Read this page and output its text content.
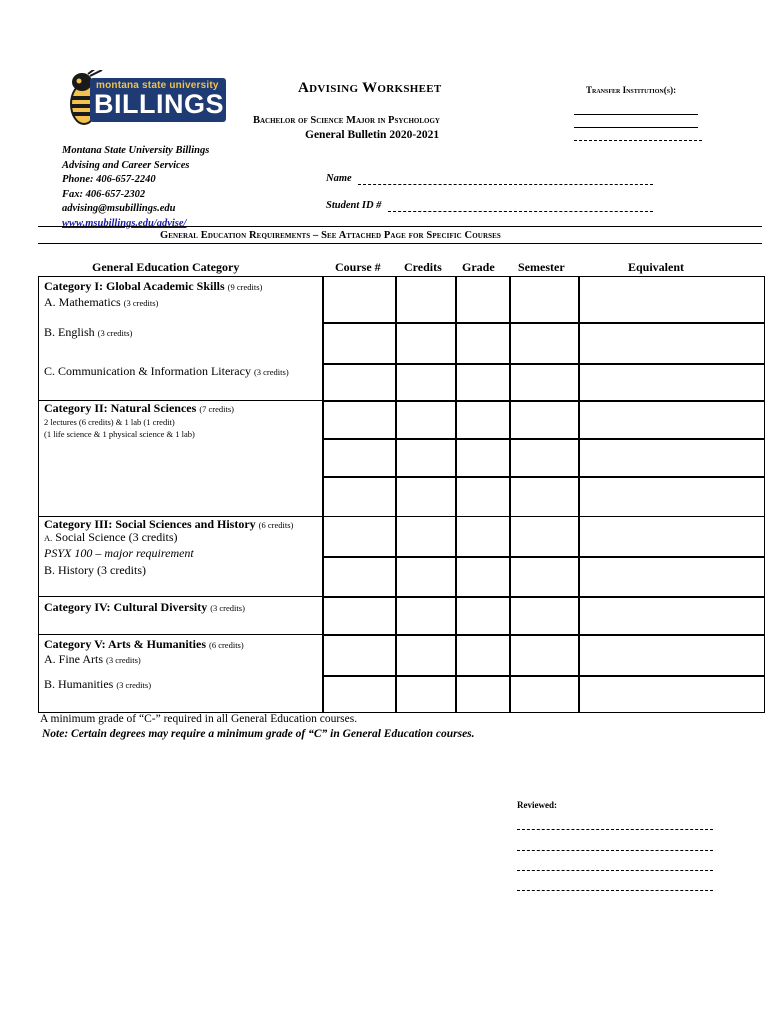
montana state university
BILLINGS
Advising Worksheet	Transfer Institution(s):
Bachelor of Science Major in Psychology
General Bulletin 2020-2021
Montana State University Billings
Advising and Career Services
Phone: 406-657-2240
Fax: 406-657-2302
advising@msubillings.edu
www.msubillings.edu/advise/
Name
Student ID #
General Education Requirements – See Attached Page for Specific Courses
General Education Category	Course # Credits Grade Semester	Equivalent
Category I: Global Academic Skills (9 credits)
A. Mathematics (3 credits)
B. English (3 credits)
C. Communication & Information Literacy (3 credits)
Category II: Natural Sciences (7 credits)
2 lectures (6 credits) & 1 lab (1 credit)
(1 life science & 1 physical science & 1 lab)
Category III: Social Sciences and History (6 credits)
A. Social Science (3 credits)
PSYX 100 – major requirement
B. History (3 credits)
Category IV: Cultural Diversity (3 credits)
Category V: Arts & Humanities (6 credits)
A. Fine Arts (3 credits)
B. Humanities (3 credits)
A minimum grade of “C-” required in all General Education courses.
Note: Certain degrees may require a minimum grade of “C” in General Education courses.
Reviewed:
